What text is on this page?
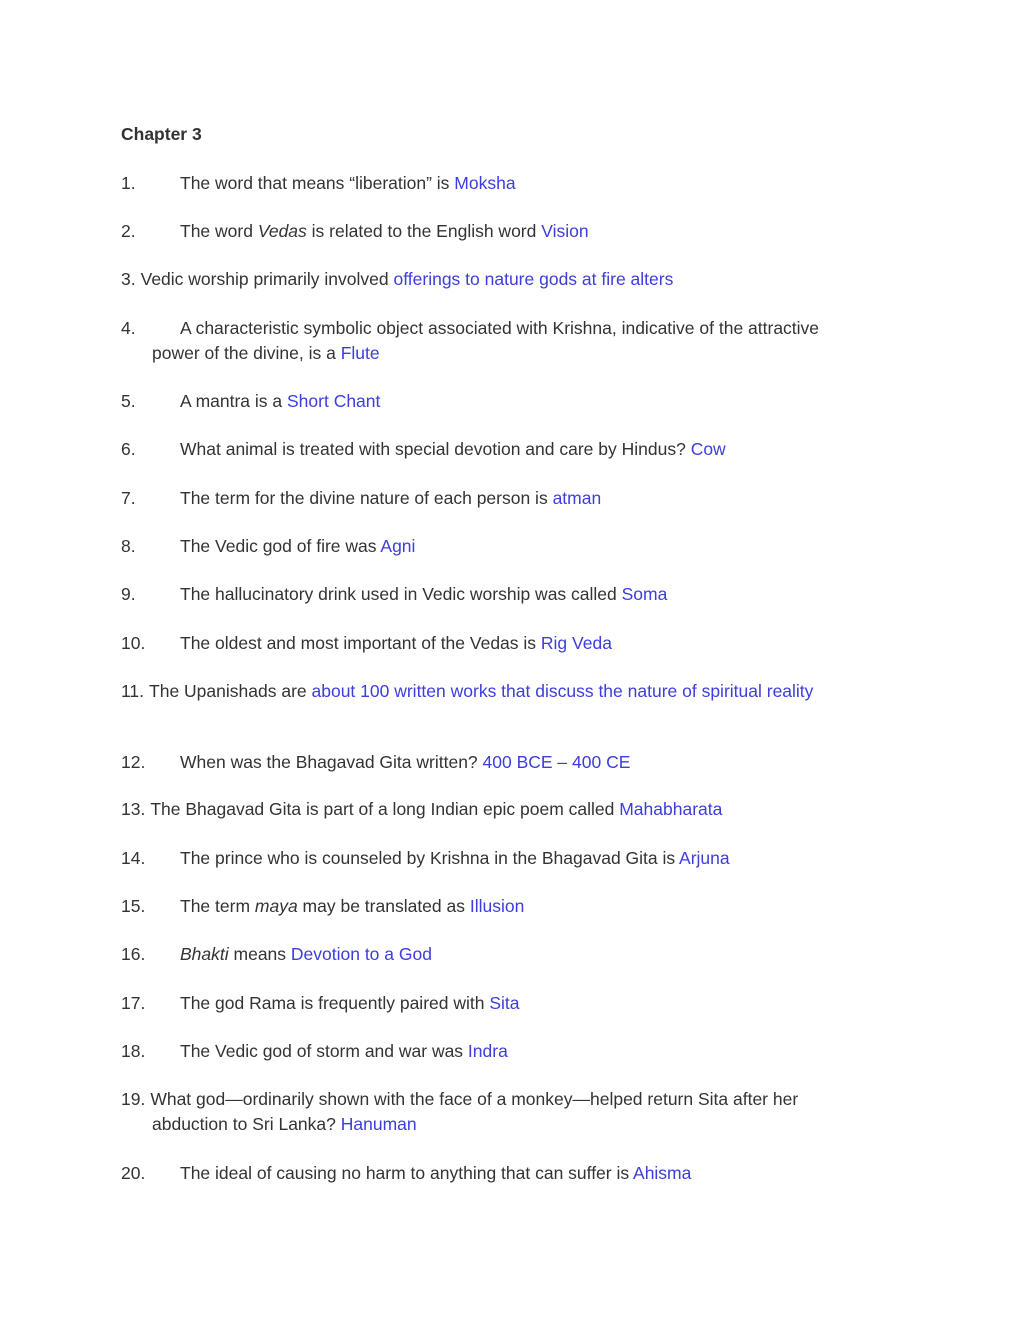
Chapter 3
1.	The word that means “liberation” is Moksha
2.	The word Vedas is related to the English word Vision
3. Vedic worship primarily involved offerings to nature gods at fire alters
4.	A characteristic symbolic object associated with Krishna, indicative of the attractive
power of the divine, is a Flute
5.	A mantra is a Short Chant
6.	What animal is treated with special devotion and care by Hindus? Cow
7.	The term for the divine nature of each person is atman
8.	The Vedic god of fire was Agni
9.	The hallucinatory drink used in Vedic worship was called Soma
10. The oldest and most important of the Vedas is Rig Veda
11. The Upanishads are about 100 written works that discuss the nature of spiritual reality
12. When was the Bhagavad Gita written? 400 BCE – 400 CE
13. The Bhagavad Gita is part of a long Indian epic poem called Mahabharata
14. The prince who is counseled by Krishna in the Bhagavad Gita is Arjuna
15. The term maya may be translated as Illusion
16. Bhakti means Devotion to a God
17. The god Rama is frequently paired with Sita
18. The Vedic god of storm and war was Indra
19. What god—ordinarily shown with the face of a monkey—helped return Sita after her
abduction to Sri Lanka? Hanuman
20. The ideal of causing no harm to anything that can suffer is Ahisma
